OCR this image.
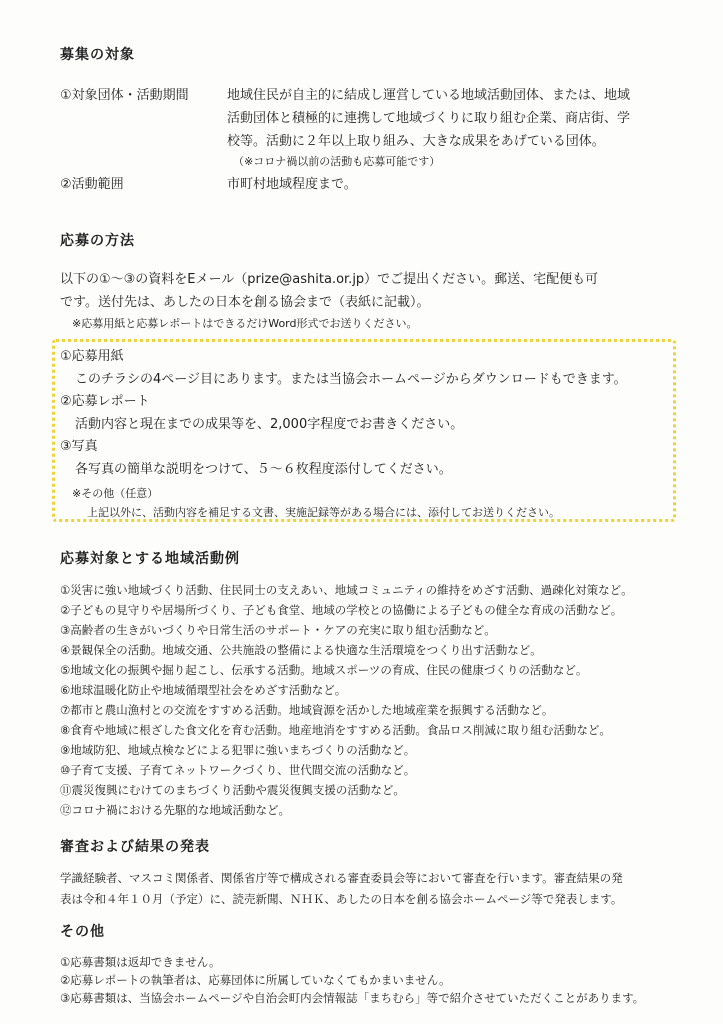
募集の対象
①対象団体・活動期間	地域住民が自主的に結成し運営している地域活動団体、または、地域
活動団体と積極的に連携して地域づくりに取り組む企業、商店街、学
校等。活動に２年以上取り組み、大きな成果をあげている団体。
（※コロナ禍以前の活動も応募可能です）
②活動範囲	市町村地域程度まで。
応募の方法
以下の①～③の資料をEメール（prize@ashita.or.jp）でご提出ください。郵送、宅配便も可
です。送付先は、あしたの日本を創る協会まで（表紙に記載）。
※応募用紙と応募レポートはできるだけWord形式でお送りください。
①応募用紙
このチラシの4ページ目にあります。または当協会ホームページからダウンロードもできます。
②応募レポート
活動内容と現在までの成果等を、2,000字程度でお書きください。
③写真
各写真の簡単な説明をつけて、５～６枚程度添付してください。
※その他（任意）
上記以外に、活動内容を補足する文書、実施記録等がある場合には、添付してお送りください。
応募対象とする地域活動例
①災害に強い地域づくり活動、住民同士の支えあい、地域コミュニティの維持をめざす活動、過疎化対策など。
②子どもの見守りや居場所づくり、子ども食堂、地域の学校との協働による子どもの健全な育成の活動など。
③高齢者の生きがいづくりや日常生活のサポート・ケアの充実に取り組む活動など。
④景観保全の活動。地域交通、公共施設の整備による快適な生活環境をつくり出す活動など。
⑤地域文化の振興や掘り起こし、伝承する活動。地域スポーツの育成、住民の健康づくりの活動など。
⑥地球温暖化防止や地域循環型社会をめざす活動など。
⑦都市と農山漁村との交流をすすめる活動。地域資源を活かした地域産業を振興する活動など。
⑧食育や地域に根ざした食文化を育む活動。地産地消をすすめる活動。食品ロス削減に取り組む活動など。
⑨地域防犯、地域点検などによる犯罪に強いまちづくりの活動など。
⑩子育て支援、子育てネットワークづくり、世代間交流の活動など。
⑪震災復興にむけてのまちづくり活動や震災復興支援の活動など。
⑫コロナ禍における先駆的な地域活動など。
審査および結果の発表
学識経験者、マスコミ関係者、関係省庁等で構成される審査委員会等において審査を行います。審査結果の発
表は令和４年１０月（予定）に、読売新聞、ＮＨＫ、あしたの日本を創る協会ホームページ等で発表します。
その他
①応募書類は返却できません。
②応募レポートの執筆者は、応募団体に所属していなくてもかまいません。
③応募書類は、当協会ホームページや自治会町内会情報誌「まちむら」等で紹介させていただくことがあります。
